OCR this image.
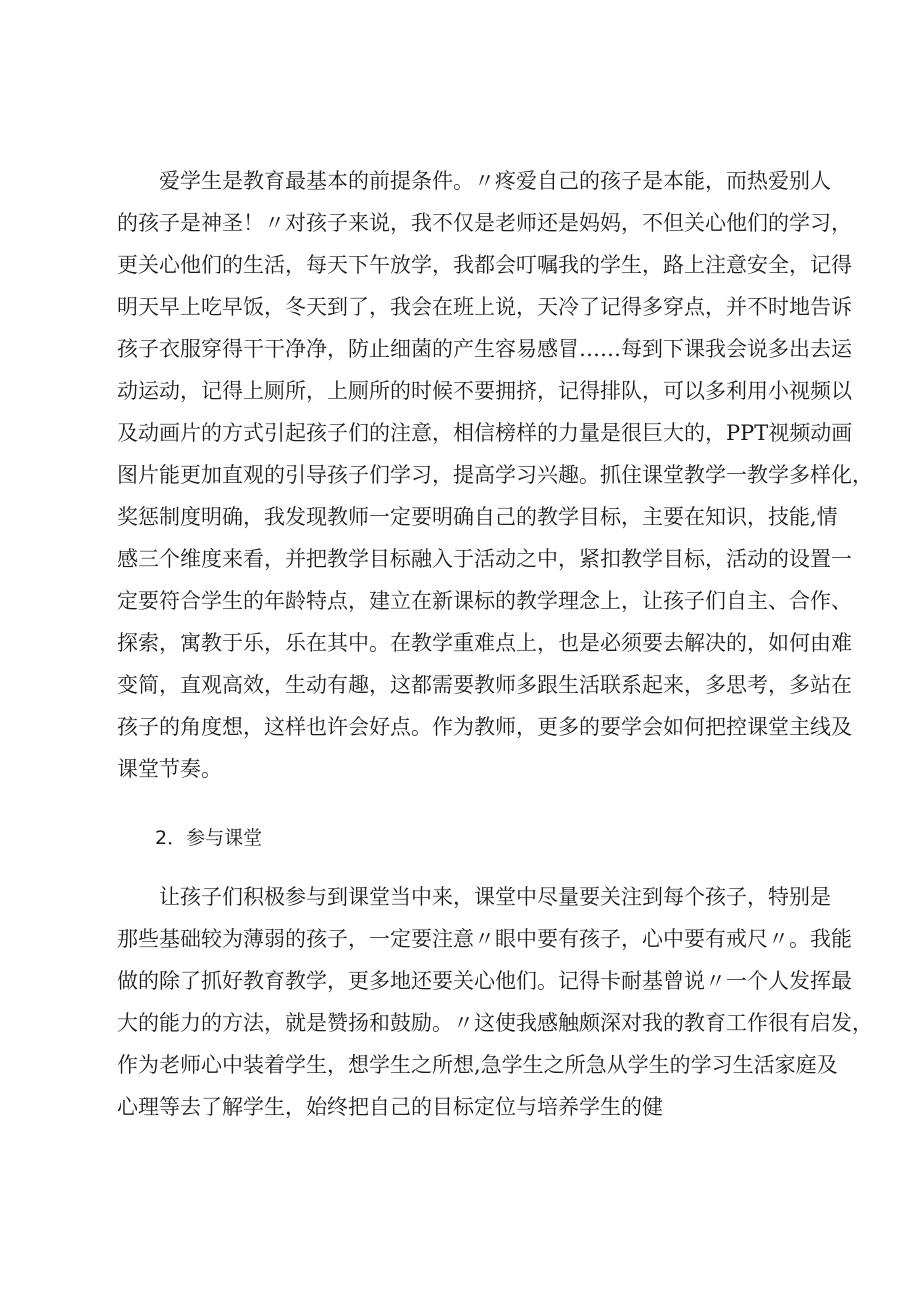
　　爱学生是教育最基本的前提条件。〃疼爱自己的孩子是本能，而热爱别人
的孩子是神圣！〃对孩子来说，我不仅是老师还是妈妈，不但关心他们的学习，
更关心他们的生活，每天下午放学，我都会叮嘱我的学生，路上注意安全，记得
明天早上吃早饭，冬天到了，我会在班上说，天冷了记得多穿点，并不时地告诉
孩子衣服穿得干干净净，防止细菌的产生容易感冒……每到下课我会说多出去运
动运动，记得上厕所，上厕所的时候不要拥挤，记得排队，可以多利用小视频以
及动画片的方式引起孩子们的注意，相信榜样的力量是很巨大的，PPT视频动画
图片能更加直观的引导孩子们学习，提高学习兴趣。抓住课堂教学一教学多样化，
奖惩制度明确，我发现教师一定要明确自己的教学目标，主要在知识，技能,情
感三个维度来看，并把教学目标融入于活动之中，紧扣教学目标，活动的设置一
定要符合学生的年龄特点，建立在新课标的教学理念上，让孩子们自主、合作、
探索，寓教于乐，乐在其中。在教学重难点上，也是必须要去解决的，如何由难
变简，直观高效，生动有趣，这都需要教师多跟生活联系起来，多思考，多站在
孩子的角度想，这样也许会好点。作为教师，更多的要学会如何把控课堂主线及
课堂节奏。
　　2．参与课堂
　　让孩子们积极参与到课堂当中来，课堂中尽量要关注到每个孩子，特别是
那些基础较为薄弱的孩子，一定要注意〃眼中要有孩子，心中要有戒尺〃。我能
做的除了抓好教育教学，更多地还要关心他们。记得卡耐基曾说〃一个人发挥最
大的能力的方法，就是赞扬和鼓励。〃这使我感触颇深对我的教育工作很有启发，
作为老师心中装着学生，想学生之所想,急学生之所急从学生的学习生活家庭及
心理等去了解学生，始终把自己的目标定位与培养学生的健
